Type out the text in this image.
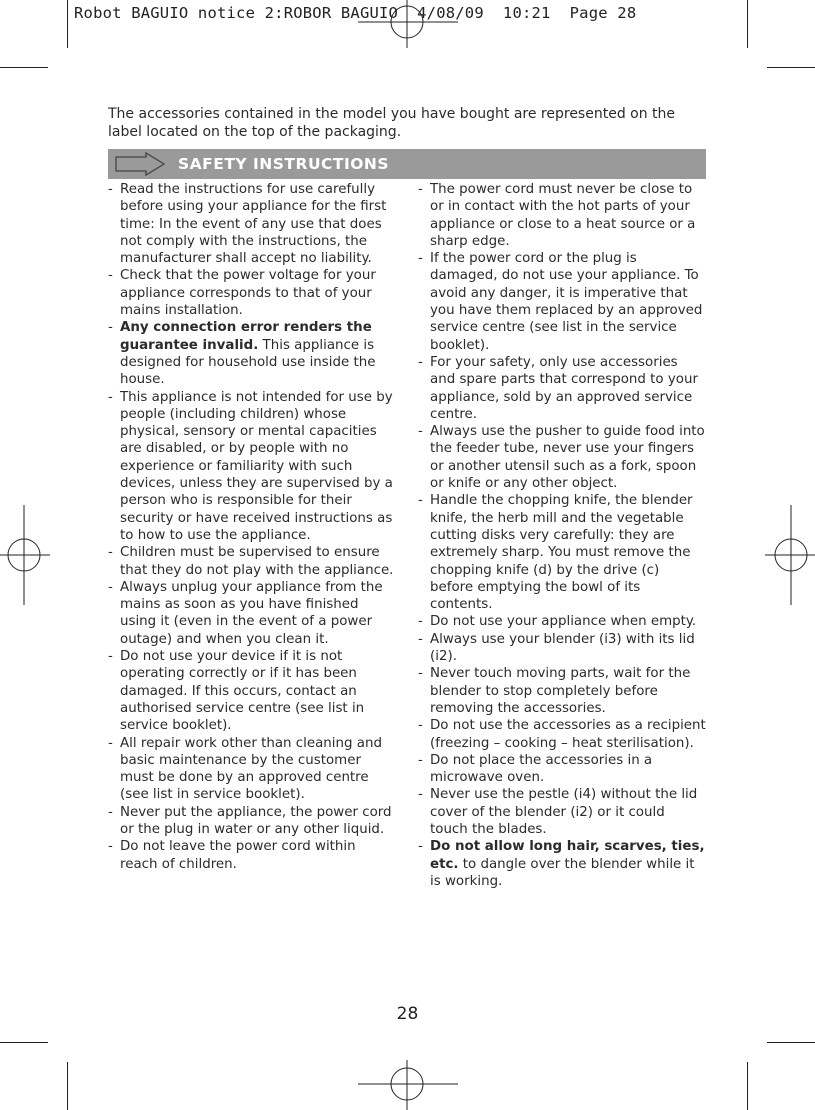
Robot BAGUIO notice 2:ROBOR BAGUIO  4/08/09  10:21  Page 28
The accessories contained in the model you have bought are represented on the label located on the top of the packaging.
SAFETY INSTRUCTIONS
- Read the instructions for use carefully before using your appliance for the first time: In the event of any use that does not comply with the instructions, the manufacturer shall accept no liability.
- Check that the power voltage for your appliance corresponds to that of your mains installation.
- Any connection error renders the guarantee invalid. This appliance is designed for household use inside the house.
- This appliance is not intended for use by people (including children) whose physical, sensory or mental capacities are disabled, or by people with no experience or familiarity with such devices, unless they are supervised by a person who is responsible for their security or have received instructions as to how to use the appliance.
- Children must be supervised to ensure that they do not play with the appliance.
- Always unplug your appliance from the mains as soon as you have finished using it (even in the event of a power outage) and when you clean it.
- Do not use your device if it is not operating correctly or if it has been damaged. If this occurs, contact an authorised service centre (see list in service booklet).
- All repair work other than cleaning and basic maintenance by the customer must be done by an approved centre (see list in service booklet).
- Never put the appliance, the power cord or the plug in water or any other liquid.
- Do not leave the power cord within reach of children.
- The power cord must never be close to or in contact with the hot parts of your appliance or close to a heat source or a sharp edge.
- If the power cord or the plug is damaged, do not use your appliance. To avoid any danger, it is imperative that you have them replaced by an approved service centre (see list in the service booklet).
- For your safety, only use accessories and spare parts that correspond to your appliance, sold by an approved service centre.
- Always use the pusher to guide food into the feeder tube, never use your fingers or another utensil such as a fork, spoon or knife or any other object.
- Handle the chopping knife, the blender knife, the herb mill and the vegetable cutting disks very carefully: they are extremely sharp. You must remove the chopping knife (d) by the drive (c) before emptying the bowl of its contents.
- Do not use your appliance when empty.
- Always use your blender (i3) with its lid (i2).
- Never touch moving parts, wait for the blender to stop completely before removing the accessories.
- Do not use the accessories as a recipient (freezing – cooking – heat sterilisation).
- Do not place the accessories in a microwave oven.
- Never use the pestle (i4) without the lid cover of the blender (i2) or it could touch the blades.
- Do not allow long hair, scarves, ties, etc. to dangle over the blender while it is working.
28
